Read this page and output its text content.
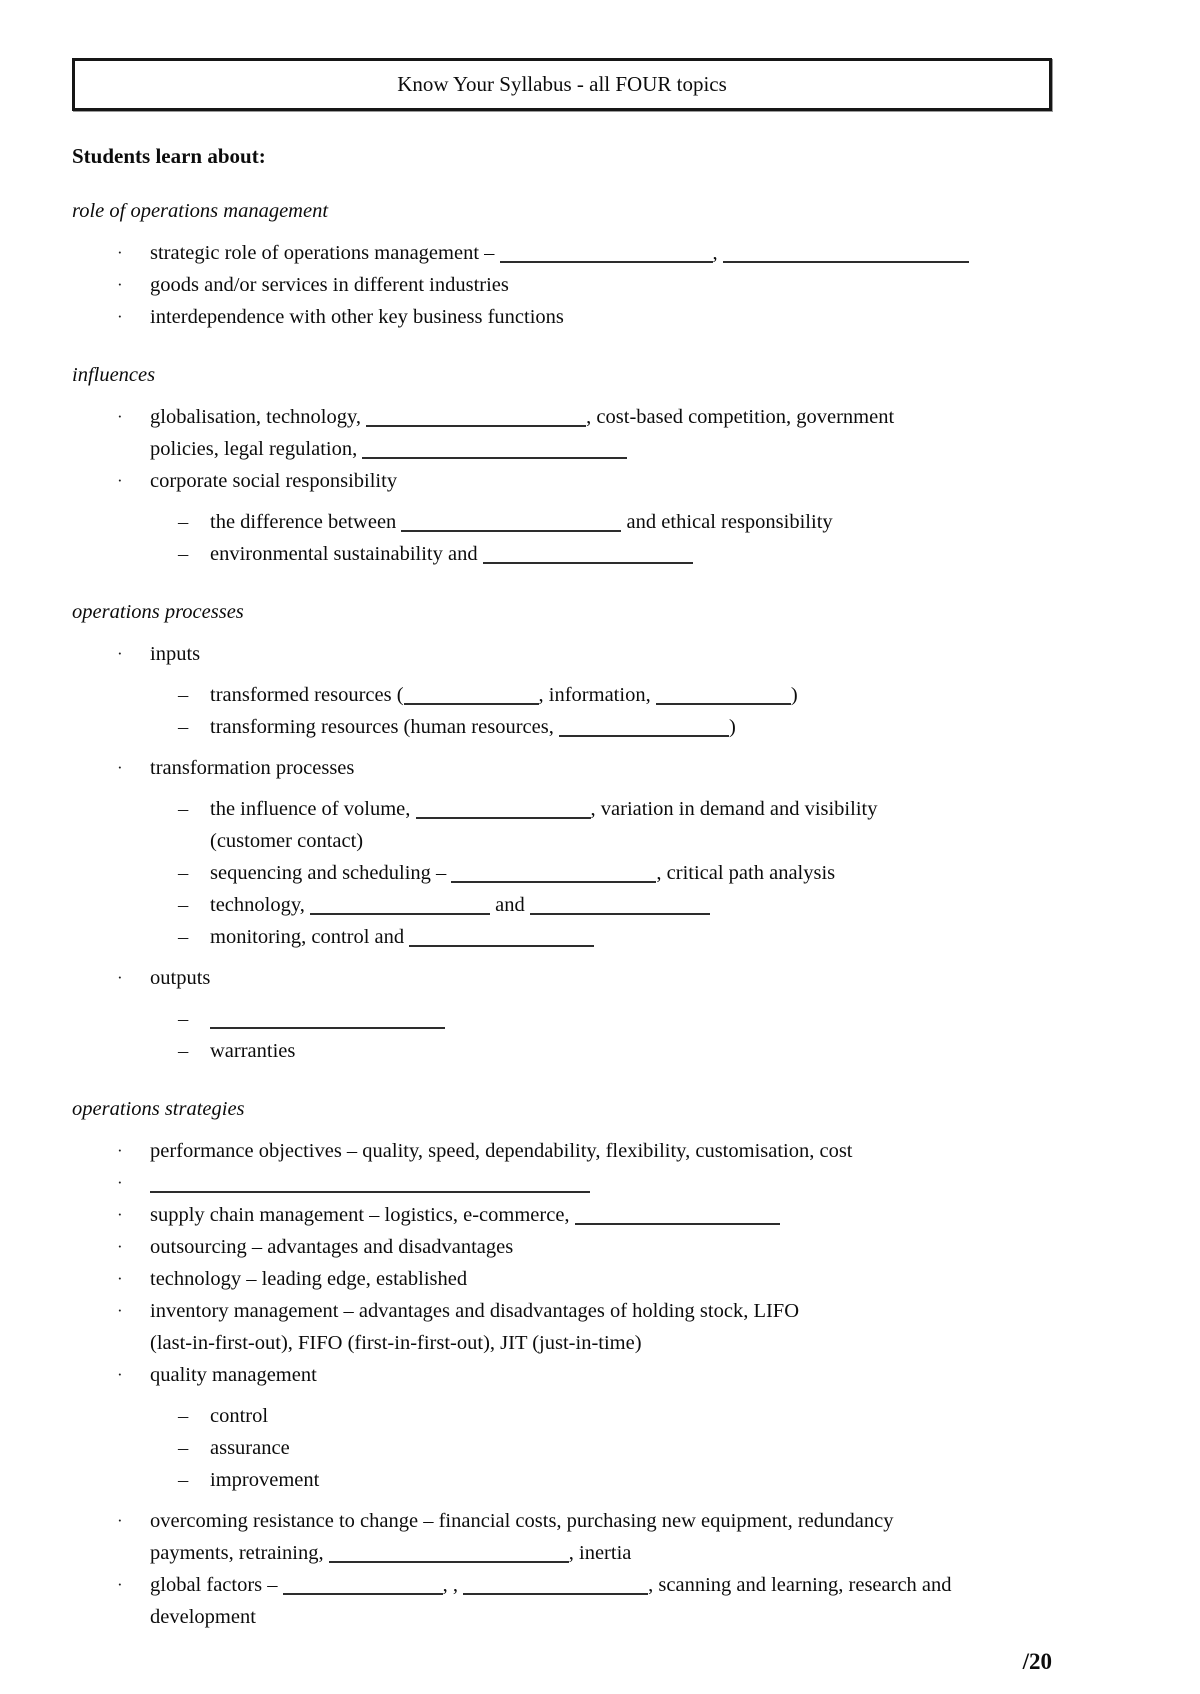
Know Your Syllabus - all FOUR topics
Students learn about:
role of operations management
· strategic role of operations management –	,
· goods and/or services in different industries
· interdependence with other key business functions
influences
· globalisation, technology,	, cost-based competition, government
policies, legal regulation,
· corporate social responsibility
– the difference between	and ethical responsibility
– environmental sustainability and
operations processes
· inputs
– transformed resources (	, information,	)
– transforming resources (human resources,	)
· transformation processes
– the influence of volume,	, variation in demand and visibility
(customer contact)
– sequencing and scheduling –	, critical path analysis
– technology,	and
– monitoring, control and
· outputs
–
– warranties
operations strategies
· performance objectives – quality, speed, dependability, flexibility, customisation, cost
·
· supply chain management – logistics, e-commerce,
· outsourcing – advantages and disadvantages
· technology – leading edge, established
· inventory management – advantages and disadvantages of holding stock, LIFO
(last-in-first-out), FIFO (first-in-first-out), JIT (just-in-time)
· quality management
– control
– assurance
– improvement
· overcoming resistance to change – financial costs, purchasing new equipment, redundancy
payments, retraining,	, inertia
· global factors –	, ,	, scanning and learning, research and
development
/20
